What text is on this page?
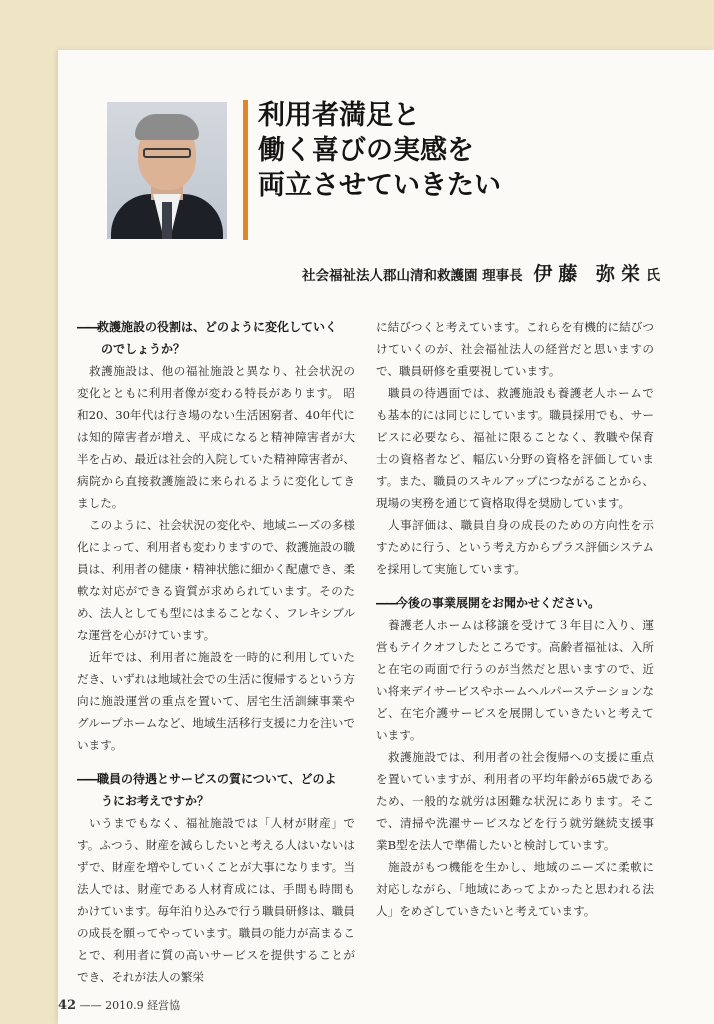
利用者満足と
働く喜びの実感を
両立させていきたい
社会福祉法人郡山清和救護園 理事長 伊藤 弥栄氏

――救護施設の役割は、どのように変化していく
のでしょうか？

救護施設は、他の福祉施設と異なり、社会状況の変化とともに利用者像が変わる特長があります。 昭和20、30年代は行き場のない生活困窮者、40年代には知的障害者が増え、平成になると精神障害者が大半を占め、最近は社会的入院していた精神障害者が、病院から直接救護施設に来られるように変化してきました。

このように、社会状況の変化や、地域ニーズの多様化によって、利用者も変わりますので、救護施設の職員は、利用者の健康・精神状態に細かく配慮でき、柔軟な対応ができる資質が求められています。そのため、法人としても型にはまることなく、フレキシブルな運営を心がけています。

近年では、利用者に施設を一時的に利用していただき、いずれは地域社会での生活に復帰するという方向に施設運営の重点を置いて、居宅生活訓練事業やグループホームなど、地域生活移行支援に力を注いでいます。

――職員の待遇とサービスの質について、どのよ
うにお考えですか？

いうまでもなく、福祉施設では「人材が財産」です。ふつう、財産を減らしたいと考える人はいないはずで、財産を増やしていくことが大事になります。当法人では、財産である人材育成には、手間も時間もかけています。毎年泊り込みで行う職員研修は、職員の成長を願ってやっています。職員の能力が高まることで、利用者に質の高いサービスを提供することができ、それが法人の繁栄

に結びつくと考えています。これらを有機的に結びつけていくのが、社会福祉法人の経営だと思いますので、職員研修を重要視しています。

職員の待遇面では、救護施設も養護老人ホームでも基本的には同じにしています。職員採用でも、サービスに必要なら、福祉に限ることなく、教職や保育士の資格者など、幅広い分野の資格を評価しています。また、職員のスキルアップにつながることから、現場の実務を通じて資格取得を奨励しています。

人事評価は、職員自身の成長のための方向性を示すために行う、という考え方からプラス評価システムを採用して実施しています。

――今後の事業展開をお聞かせください。

養護老人ホームは移譲を受けて３年目に入り、運営もテイクオフしたところです。高齢者福祉は、入所と在宅の両面で行うのが当然だと思いますので、近い将来デイサービスやホームヘルパーステーションなど、在宅介護サービスを展開していきたいと考えています。

救護施設では、利用者の社会復帰への支援に重点を置いていますが、利用者の平均年齢が65歳であるため、一般的な就労は困難な状況にあります。そこで、清掃や洗濯サービスなどを行う就労継続支援事業B型を法人で準備したいと検討しています。

施設がもつ機能を生かし、地域のニーズに柔軟に対応しながら、「地域にあってよかったと思われる法人」をめざしていきたいと考えています。

42 —— 2010.9 経営協
